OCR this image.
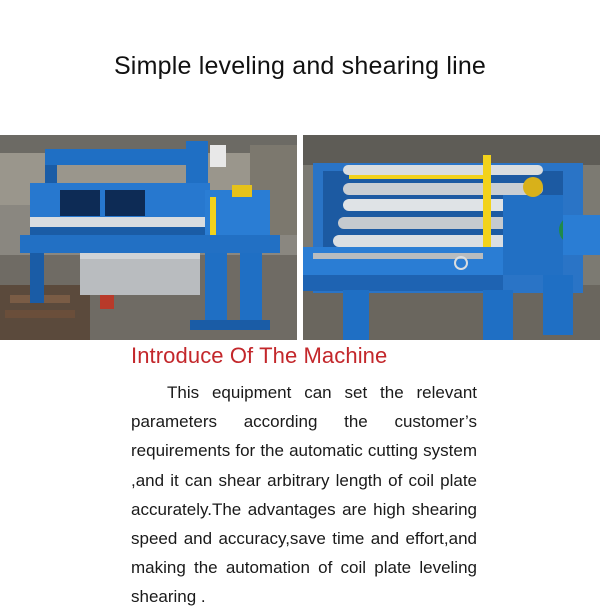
Simple leveling and shearing line
Introduce Of The Machine

This equipment can set the relevant parameters according the customer’s requirements for the automatic cutting system ,and it can shear arbitrary length of coil plate accurately.The advantages are high shearing speed and accuracy,save time and effort,and making the automation of coil plate leveling shearing .
